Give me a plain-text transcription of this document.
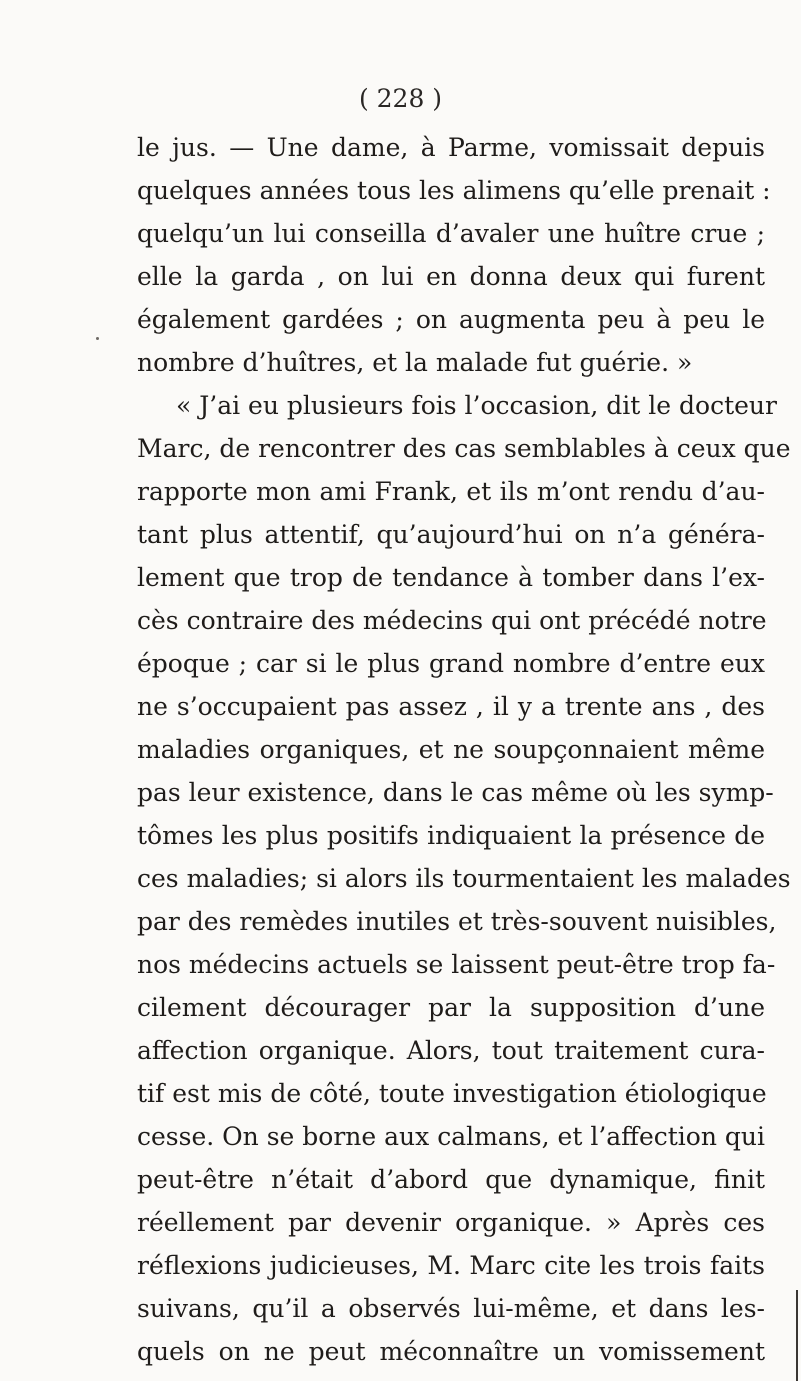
( 228 )
le jus. — Une dame, à Parme, vomissait depuis
quelques années tous les alimens qu’elle prenait :
quelqu’un lui conseilla d’avaler une huître crue ;
elle la garda , on lui en donna deux qui furent
également gardées ; on augmenta peu à peu le
nombre d’huîtres, et la malade fut guérie. »
« J’ai eu plusieurs fois l’occasion, dit le docteur
Marc, de rencontrer des cas semblables à ceux que
rapporte mon ami Frank, et ils m’ont rendu d’au-
tant plus attentif, qu’aujourd’hui on n’a généra-
lement que trop de tendance à tomber dans l’ex-
cès contraire des médecins qui ont précédé notre
époque ; car si le plus grand nombre d’entre eux
ne s’occupaient pas assez , il y a trente ans , des
maladies organiques, et ne soupçonnaient même
pas leur existence, dans le cas même où les symp-
tômes les plus positifs indiquaient la présence de
ces maladies; si alors ils tourmentaient les malades
par des remèdes inutiles et très-souvent nuisibles,
nos médecins actuels se laissent peut-être trop fa-
cilement décourager par la supposition d’une
affection organique. Alors, tout traitement cura-
tif est mis de côté, toute investigation étiologique
cesse. On se borne aux calmans, et l’affection qui
peut-être n’était d’abord que dynamique, finit
réellement par devenir organique. » Après ces
réflexions judicieuses, M. Marc cite les trois faits
suivans, qu’il a observés lui-même, et dans les-
quels on ne peut méconnaître un vomissement
